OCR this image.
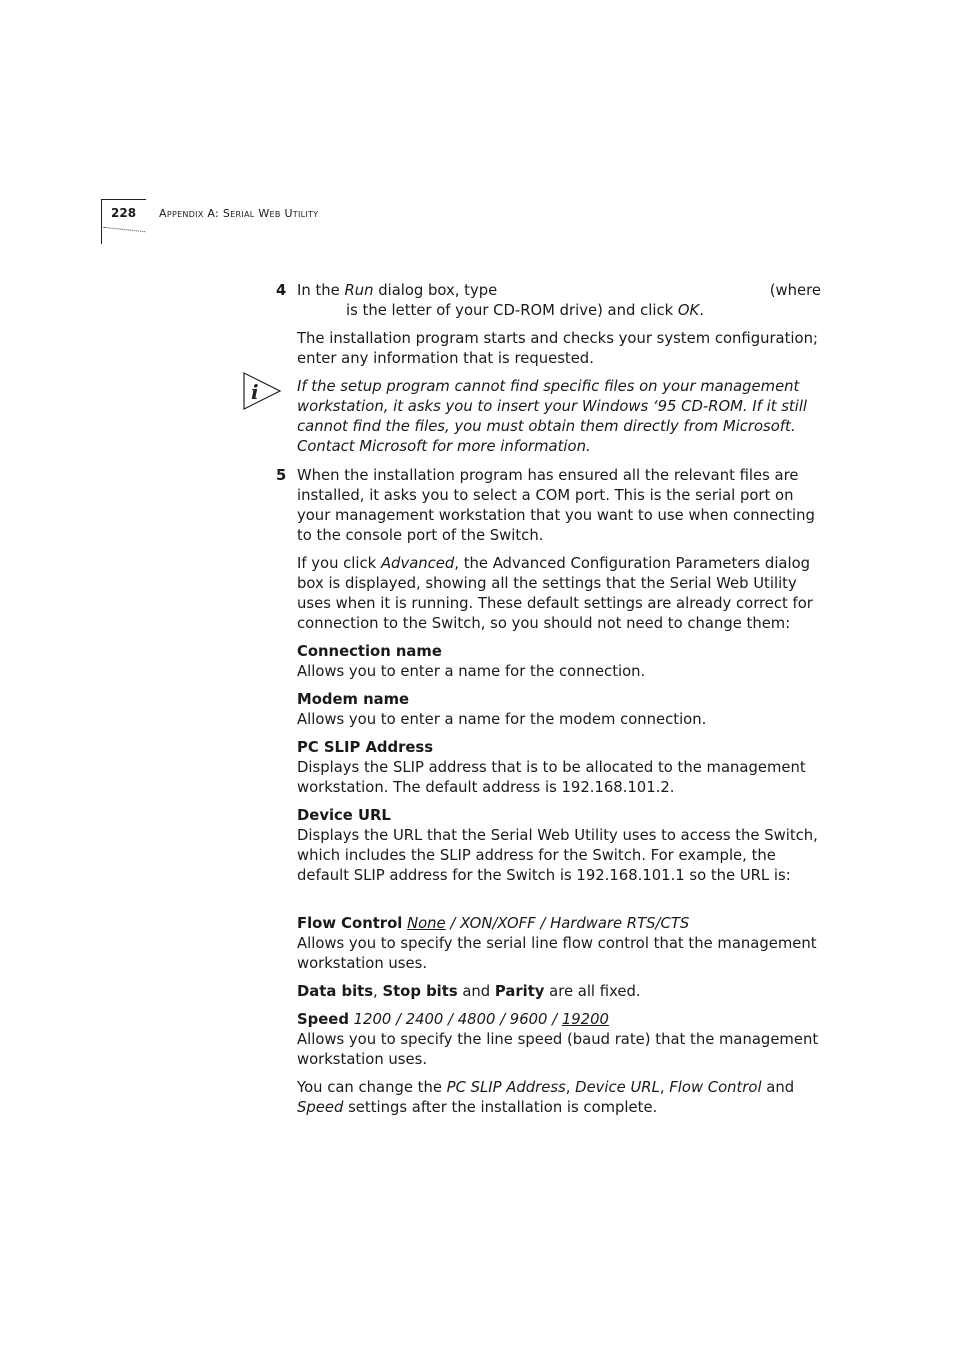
228 Appendix A: Serial Web Utility
4 In the Run dialog box, type	(where
is the letter of your CD-ROM drive) and click OK.

The installation program starts and checks your system configuration; enter any information that is requested.

i	If the setup program cannot find specific files on your management workstation, it asks you to insert your Windows ‘95 CD-ROM. If it still cannot find the files, you must obtain them directly from Microsoft. Contact Microsoft for more information.
5 When the installation program has ensured all the relevant files are installed, it asks you to select a COM port. This is the serial port on your management workstation that you want to use when connecting to the console port of the Switch.

If you click Advanced, the Advanced Configuration Parameters dialog box is displayed, showing all the settings that the Serial Web Utility uses when it is running. These default settings are already correct for connection to the Switch, so you should not need to change them:

Connection name
Allows you to enter a name for the connection.
Modem name
Allows you to enter a name for the modem connection.
PC SLIP Address
Displays the SLIP address that is to be allocated to the management workstation. The default address is 192.168.101.2.
Device URL
Displays the URL that the Serial Web Utility uses to access the Switch, which includes the SLIP address for the Switch. For example, the default SLIP address for the Switch is 192.168.101.1 so the URL is:
Flow Control None / XON/XOFF / Hardware RTS/CTS
Allows you to specify the serial line flow control that the management workstation uses.

Data bits, Stop bits and Parity are all fixed.

Speed 1200 / 2400 / 4800 / 9600 / 19200
Allows you to specify the line speed (baud rate) that the management workstation uses.

You can change the PC SLIP Address, Device URL, Flow Control and Speed settings after the installation is complete.
